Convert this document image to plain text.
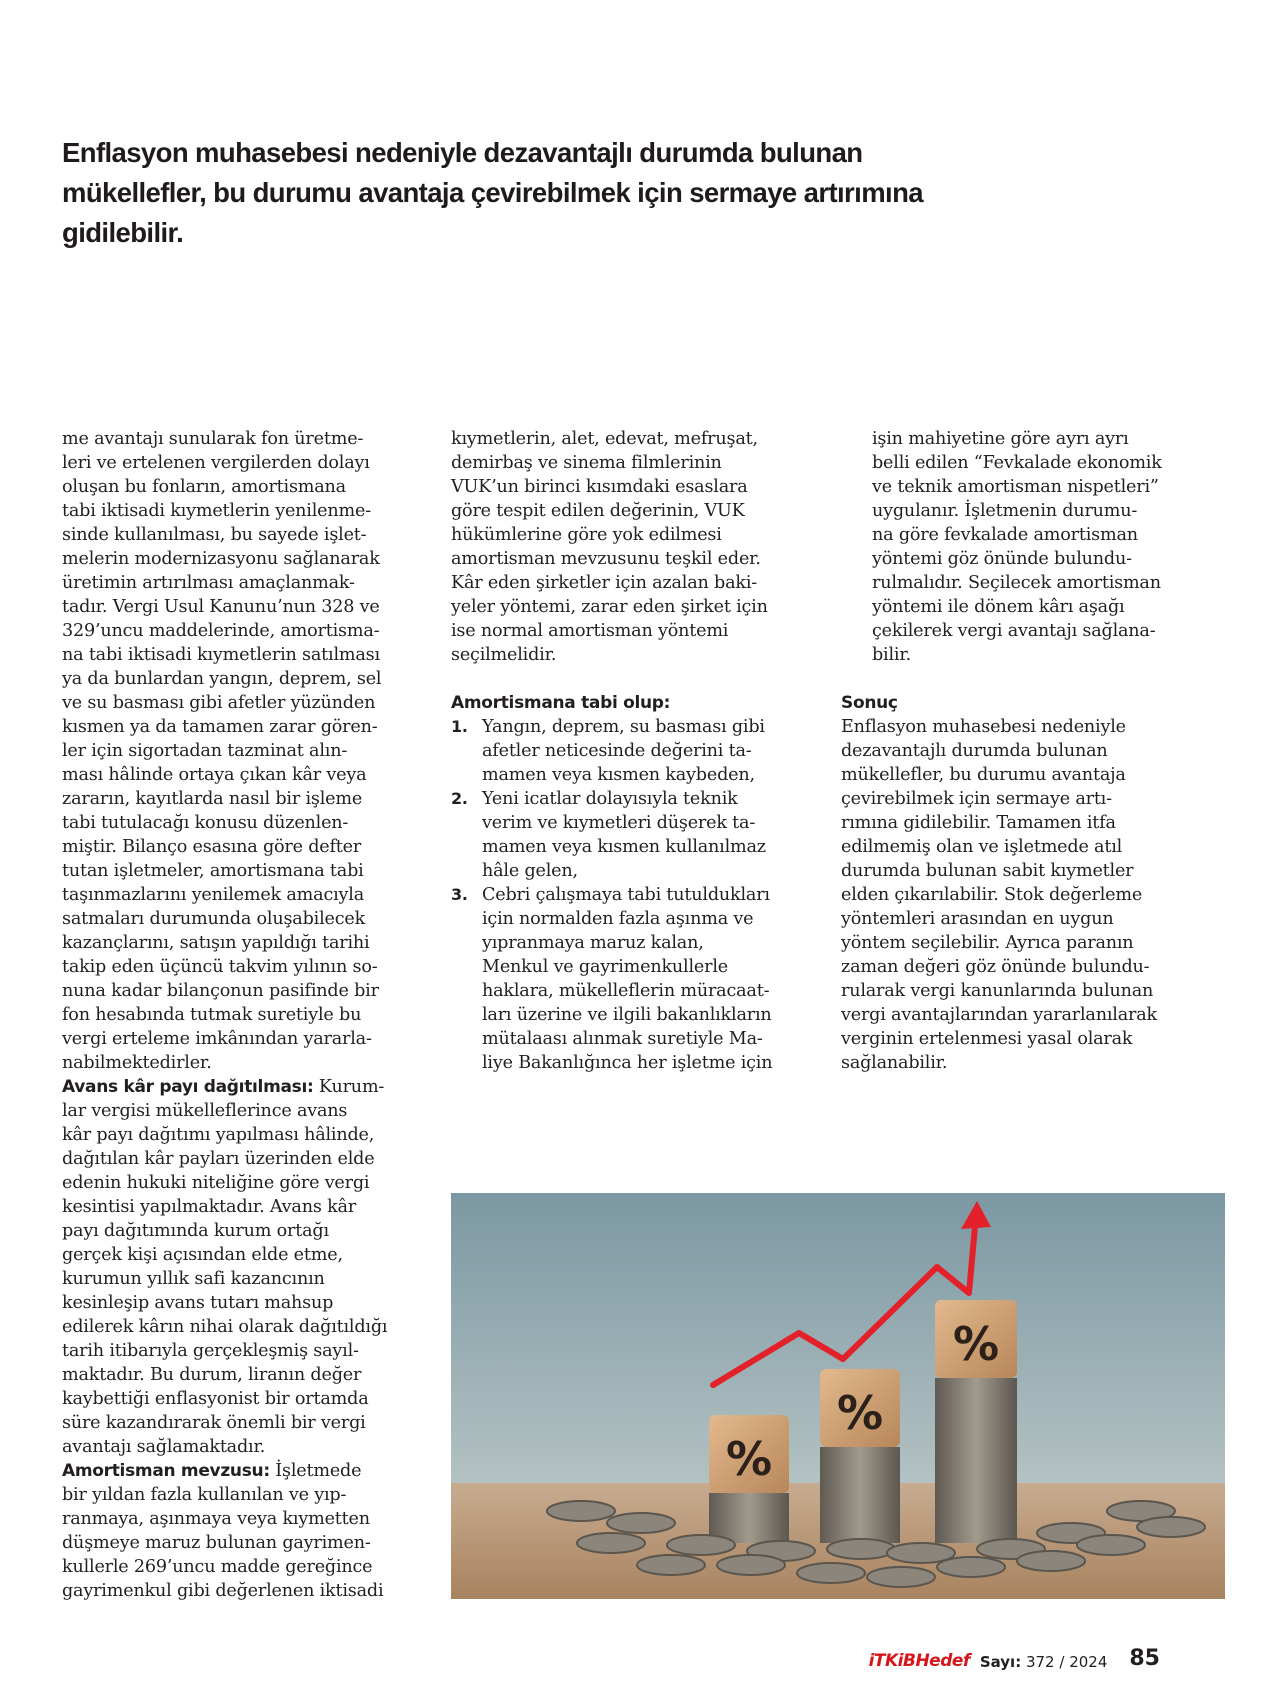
Enflasyon muhasebesi nedeniyle dezavantajlı durumda bulunan
mükellefler, bu durumu avantaja çevirebilmek için sermaye artırımına
gidilebilir.

me avantajı sunularak fon üretme-
leri ve ertelenen vergilerden dolayı
oluşan bu fonların, amortismana
tabi iktisadi kıymetlerin yenilenme-
sinde kullanılması, bu sayede işlet-
melerin modernizasyonu sağlanarak
üretimin artırılması amaçlanmak-
tadır. Vergi Usul Kanunu’nun 328 ve
329’uncu maddelerinde, amortisma-
na tabi iktisadi kıymetlerin satılması
ya da bunlardan yangın, deprem, sel
ve su basması gibi afetler yüzünden
kısmen ya da tamamen zarar gören-
ler için sigortadan tazminat alın-
ması hâlinde ortaya çıkan kâr veya
zararın, kayıtlarda nasıl bir işleme
tabi tutulacağı konusu düzenlen-
miştir. Bilanço esasına göre defter
tutan işletmeler, amortismana tabi
taşınmazlarını yenilemek amacıyla
satmaları durumunda oluşabilecek
kazançlarını, satışın yapıldığı tarihi
takip eden üçüncü takvim yılının so-
nuna kadar bilançonun pasifinde bir
fon hesabında tutmak suretiyle bu
vergi erteleme imkânından yararla-
nabilmektedirler.

Avans kâr payı dağıtılması: Kurum-
lar vergisi mükelleflerince avans
kâr payı dağıtımı yapılması hâlinde,
dağıtılan kâr payları üzerinden elde
edenin hukuki niteliğine göre vergi
kesintisi yapılmaktadır. Avans kâr
payı dağıtımında kurum ortağı
gerçek kişi açısından elde etme,
kurumun yıllık safi kazancının
kesinleşip avans tutarı mahsup
edilerek kârın nihai olarak dağıtıldığı
tarih itibarıyla gerçekleşmiş sayıl-
maktadır. Bu durum, liranın değer
kaybettiği enflasyonist bir ortamda
süre kazandırarak önemli bir vergi
avantajı sağlamaktadır.

Amortisman mevzusu: İşletmede
bir yıldan fazla kullanılan ve yıp-
ranmaya, aşınmaya veya kıymetten
düşmeye maruz bulunan gayrimen-
kullerle 269’uncu madde gereğince
gayrimenkul gibi değerlenen iktisadi

kıymetlerin, alet, edevat, mefruşat,
demirbaş ve sinema filmlerinin
VUK’un birinci kısımdaki esaslara
göre tespit edilen değerinin, VUK
hükümlerine göre yok edilmesi
amortisman mevzusunu teşkil eder.
Kâr eden şirketler için azalan baki-
yeler yöntemi, zarar eden şirket için
ise normal amortisman yöntemi
seçilmelidir.

Amortismana tabi olup:

1. Yangın, deprem, su basması gibi
afetler neticesinde değerini ta-
mamen veya kısmen kaybeden,
2. Yeni icatlar dolayısıyla teknik
verim ve kıymetleri düşerek ta-
mamen veya kısmen kullanılmaz
hâle gelen,
3. Cebri çalışmaya tabi tutuldukları
için normalden fazla aşınma ve
yıpranmaya maruz kalan,
Menkul ve gayrimenkullerle
haklara, mükelleflerin müracaat-
ları üzerine ve ilgili bakanlıkların
mütalaası alınmak suretiyle Ma-
liye Bakanlığınca her işletme için

işin mahiyetine göre ayrı ayrı
belli edilen “Fevkalade ekonomik
ve teknik amortisman nispetleri”
uygulanır. İşletmenin durumu-
na göre fevkalade amortisman
yöntemi göz önünde bulundu-
rulmalıdır. Seçilecek amortisman
yöntemi ile dönem kârı aşağı
çekilerek vergi avantajı sağlana-
bilir.

Sonuç

Enflasyon muhasebesi nedeniyle
dezavantajlı durumda bulunan
mükellefler, bu durumu avantaja
çevirebilmek için sermaye artı-
rımına gidilebilir. Tamamen itfa
edilmemiş olan ve işletmede atıl
durumda bulunan sabit kıymetler
elden çıkarılabilir. Stok değerleme
yöntemleri arasından en uygun
yöntem seçilebilir. Ayrıca paranın
zaman değeri göz önünde bulundu-
rularak vergi kanunlarında bulunan
vergi avantajlarından yararlanılarak
verginin ertelenmesi yasal olarak
sağlanabilir.

%
%
%
iTKiBHedef Sayı: 372 / 2024 85
